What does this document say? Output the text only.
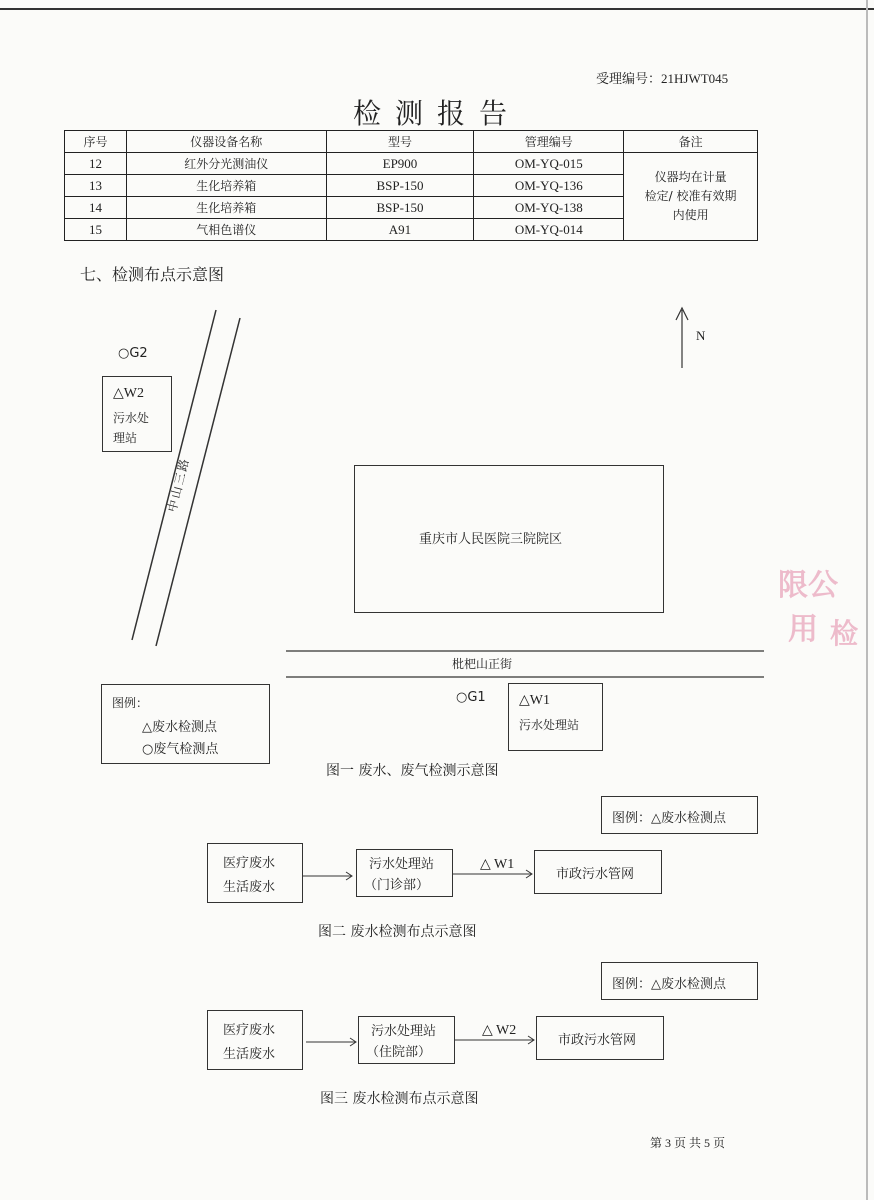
受理编号：21HJWT045
检测报告
序号	仪器设备名称	型号	管理编号	备注
12	红外分光测油仪	EP900	OM-YQ-015	仪器均在计量
检定/ 校准有效期
内使用

13	生化培养箱	BSP-150	OM-YQ-136	
14	生化培养箱	BSP-150	OM-YQ-138	
15	气相色谱仪	A91	OM-YQ-014	
七、检测布点示意图
○G2
△W2
污水处
理站
中山三路
N
重庆市人民医院三院院区
枇杷山正街
图例：
△废水检测点
○废气检测点
○G1 △W1
污水处理站
图一 废水、废气检测示意图
图例：△废水检测点
医疗废水
生活废水
污水处理站
（门诊部）
△ W1
市政污水管网
图二 废水检测布点示意图
图例：△废水检测点
医疗废水
生活废水
污水处理站
（住院部）
△ W2
市政污水管网
图三 废水检测布点示意图
第 3 页 共 5 页
限公
用 检
